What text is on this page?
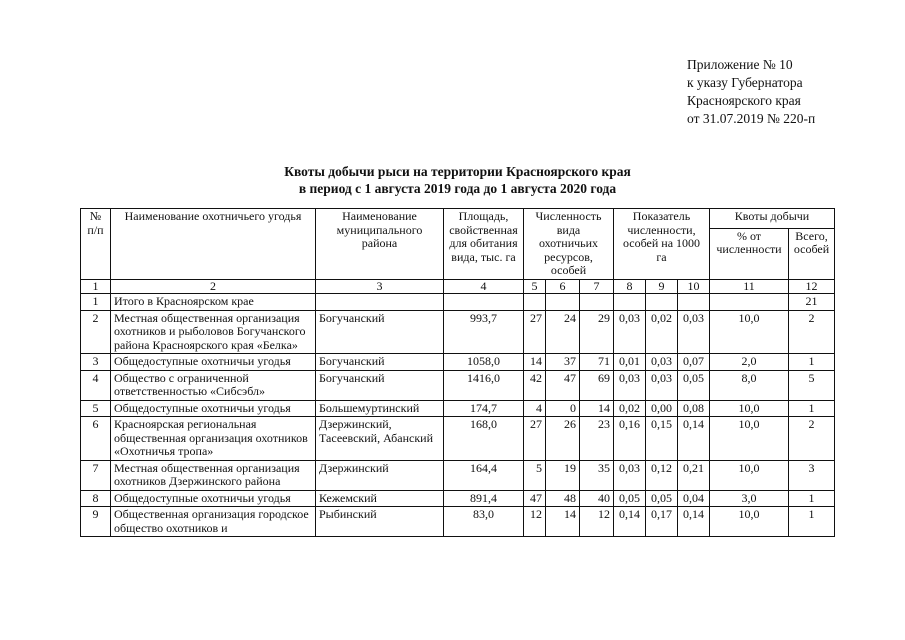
Приложение № 10
к указу Губернатора
Красноярского края
от 31.07.2019 № 220-п
Квоты добычи рыси на территории Красноярского края
в период с 1 августа 2019 года до 1 августа 2020 года
№ п/п	Наименование охотничьего угодья	Наименование муниципального района	Площадь, свойственная для обитания вида, тыс. га	Численность вида охотничьих ресурсов, особей			Показатель численности, особей на 1000 га			Квоты добычи	
										% от численности	Всего, особей
1	2	3	4	5	6	7	8	9	10	11	12
1	Итого в Красноярском крае										21
2	Местная общественная организация охотников и рыболовов Богучанского района Красноярского края «Белка»	Богучанский	993,7	27	24	29	0,03	0,02	0,03	10,0	2
3	Общедоступные охотничьи угодья	Богучанский	1058,0	14	37	71	0,01	0,03	0,07	2,0	1
4	Общество с ограниченной ответственностью «Сибсэбл»	Богучанский	1416,0	42	47	69	0,03	0,03	0,05	8,0	5
5	Общедоступные охотничьи угодья	Большемуртинский	174,7	4	0	14	0,02	0,00	0,08	10,0	1
6	Красноярская региональная общественная организация охотников «Охотничья тропа»	Дзержинский, Тасеевский, Абанский	168,0	27	26	23	0,16	0,15	0,14	10,0	2
7	Местная общественная организация охотников Дзержинского района	Дзержинский	164,4	5	19	35	0,03	0,12	0,21	10,0	3
8	Общедоступные охотничьи угодья	Кежемский	891,4	47	48	40	0,05	0,05	0,04	3,0	1
9	Общественная организация городское общество охотников и	Рыбинский	83,0	12	14	12	0,14	0,17	0,14	10,0	1
